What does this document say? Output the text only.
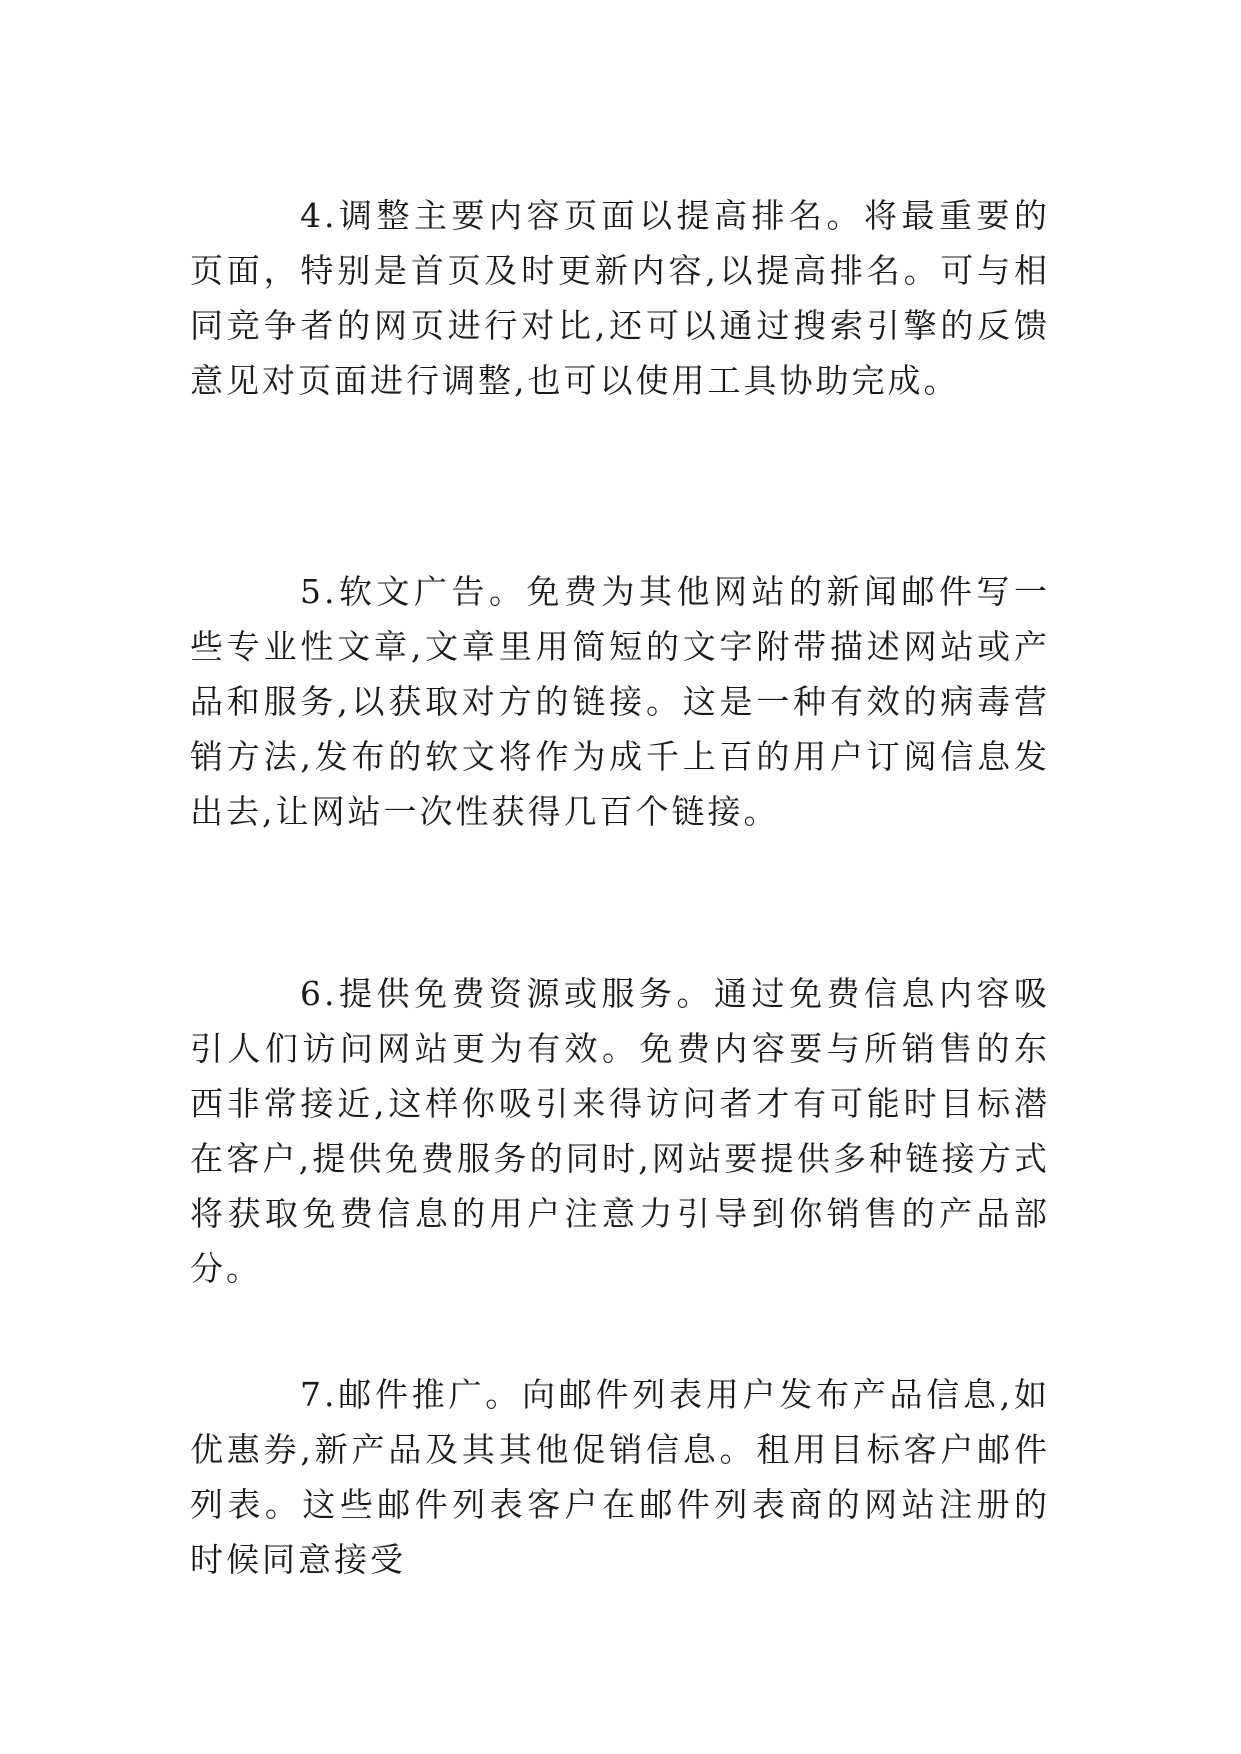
4.调整主要内容页面以提高排名。将最重要的页面，特别是首页及时更新内容,以提高排名。可与相同竞争者的网页进行对比,还可以通过搜索引擎的反馈意见对页面进行调整,也可以使用工具协助完成。

5.软文广告。免费为其他网站的新闻邮件写一些专业性文章,文章里用简短的文字附带描述网站或产品和服务,以获取对方的链接。这是一种有效的病毒营销方法,发布的软文将作为成千上百的用户订阅信息发出去,让网站一次性获得几百个链接。

6.提供免费资源或服务。通过免费信息内容吸引人们访问网站更为有效。免费内容要与所销售的东西非常接近,这样你吸引来得访问者才有可能时目标潜在客户,提供免费服务的同时,网站要提供多种链接方式将获取免费信息的用户注意力引导到你销售的产品部分。

7.邮件推广。向邮件列表用户发布产品信息,如优惠券,新产品及其其他促销信息。租用目标客户邮件列表。这些邮件列表客户在邮件列表商的网站注册的时候同意接受
